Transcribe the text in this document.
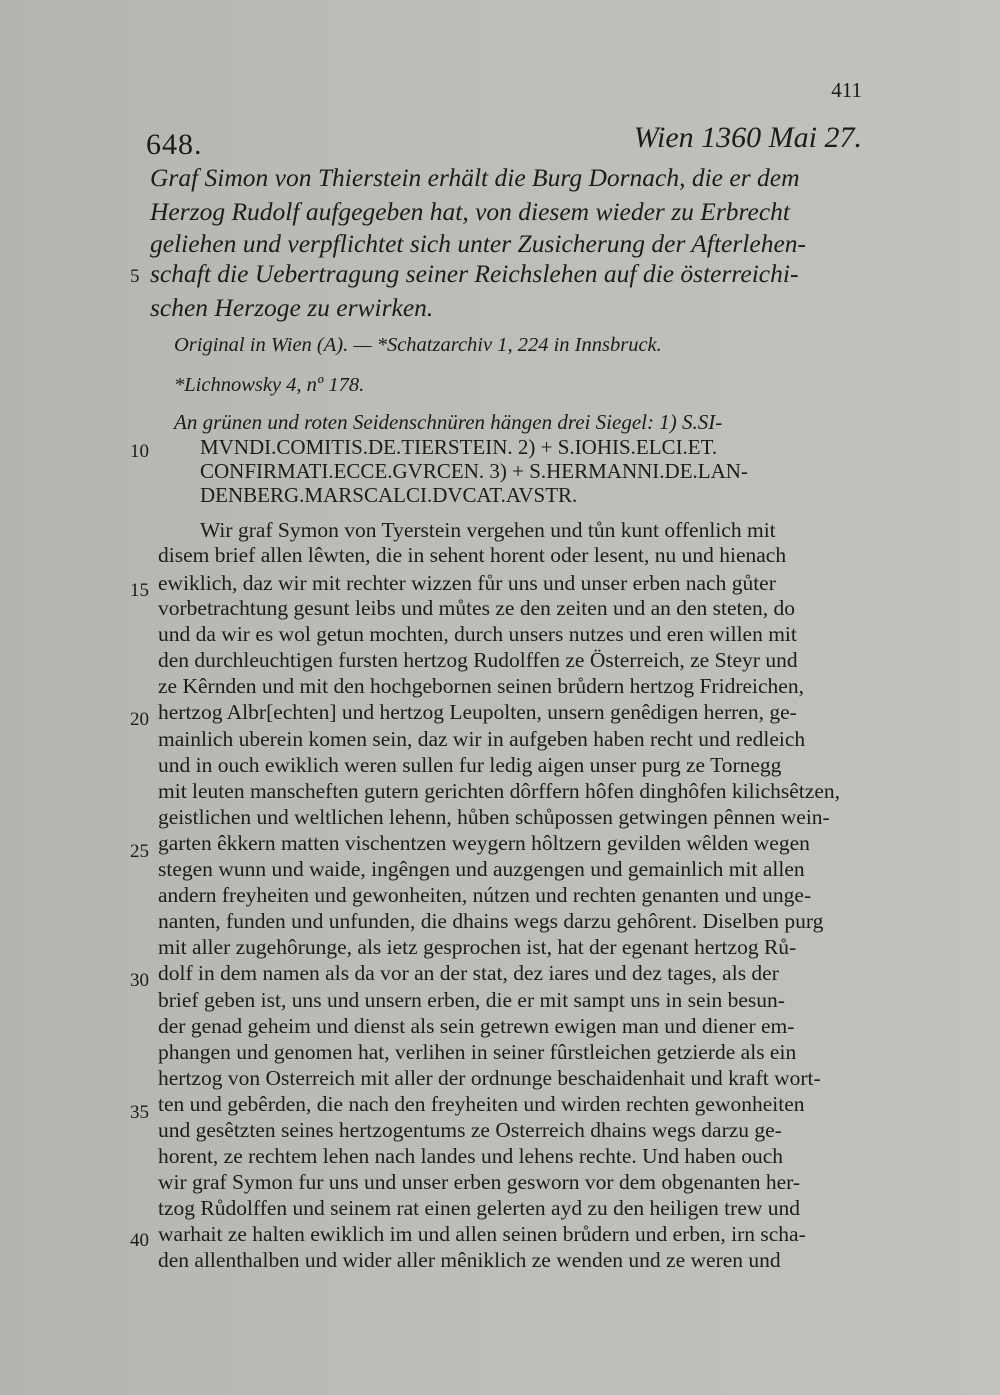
411
648.	Wien 1360 Mai 27.
Graf Simon von Thierstein erhält die Burg Dornach, die er dem
Herzog Rudolf aufgegeben hat, von diesem wieder zu Erbrecht
geliehen und verpflichtet sich unter Zusicherung der Afterlehen-
5 schaft die Uebertragung seiner Reichslehen auf die österreichi-
schen Herzoge zu erwirken.
Original in Wien (A). — *Schatzarchiv 1, 224 in Innsbruck.
*Lichnowsky 4, nº 178.
An grünen und roten Seidenschnüren hängen drei Siegel: 1) S.SI-
10 MVNDI.COMITIS.DE.TIERSTEIN. 2) + S.IOHIS.ELCI.ET.
CONFIRMATI.ECCE.GVRCEN. 3) + S.HERMANNI.DE.LAN-
DENBERG.MARSCALCI.DVCAT.AVSTR.
Wir graf Symon von Tyerstein vergehen und tůn kunt offenlich mit
disem brief allen lêwten, die in sehent horent oder lesent, nu und hienach
15 ewiklich, daz wir mit rechter wizzen fůr uns und unser erben nach gůter
vorbetrachtung gesunt leibs und můtes ze den zeiten und an den steten, do
und da wir es wol getun mochten, durch unsers nutzes und eren willen mit
den durchleuchtigen fursten hertzog Rudolffen ze Österreich, ze Steyr und
ze Kêrnden und mit den hochgebornen seinen brůdern hertzog Fridreichen,
20 hertzog Albr[echten] und hertzog Leupolten, unsern genêdigen herren, ge-
mainlich uberein komen sein, daz wir in aufgeben haben recht und redleich
und in ouch ewiklich weren sullen fur ledig aigen unser purg ze Tornegg
mit leuten manscheften gutern gerichten dôrffern hôfen dinghôfen kilichsêtzen,
geistlichen und weltlichen lehenn, hůben schůpossen getwingen pênnen wein-
25 garten êkkern matten vischentzen weygern hôltzern gevilden wêlden wegen
stegen wunn und waide, ingêngen und auzgengen und gemainlich mit allen
andern freyheiten und gewonheiten, nútzen und rechten genanten und unge-
nanten, funden und unfunden, die dhains wegs darzu gehôrent. Diselben purg
mit aller zugehôrunge, als ietz gesprochen ist, hat der egenant hertzog Rů-
30 dolf in dem namen als da vor an der stat, dez iares und dez tages, als der
brief geben ist, uns und unsern erben, die er mit sampt uns in sein besun-
der genad geheim und dienst als sein getrewn ewigen man und diener em-
phangen und genomen hat, verlihen in seiner fûrstleichen getzierde als ein
hertzog von Osterreich mit aller der ordnunge beschaidenhait und kraft wort-
35 ten und gebêrden, die nach den freyheiten und wirden rechten gewonheiten
und gesêtzten seines hertzogentums ze Osterreich dhains wegs darzu ge-
horent, ze rechtem lehen nach landes und lehens rechte. Und haben ouch
wir graf Symon fur uns und unser erben gesworn vor dem obgenanten her-
tzog Růdolffen und seinem rat einen gelerten ayd zu den heiligen trew und
40 warhait ze halten ewiklich im und allen seinen brůdern und erben, irn scha-
den allenthalben und wider aller mêniklich ze wenden und ze weren und
